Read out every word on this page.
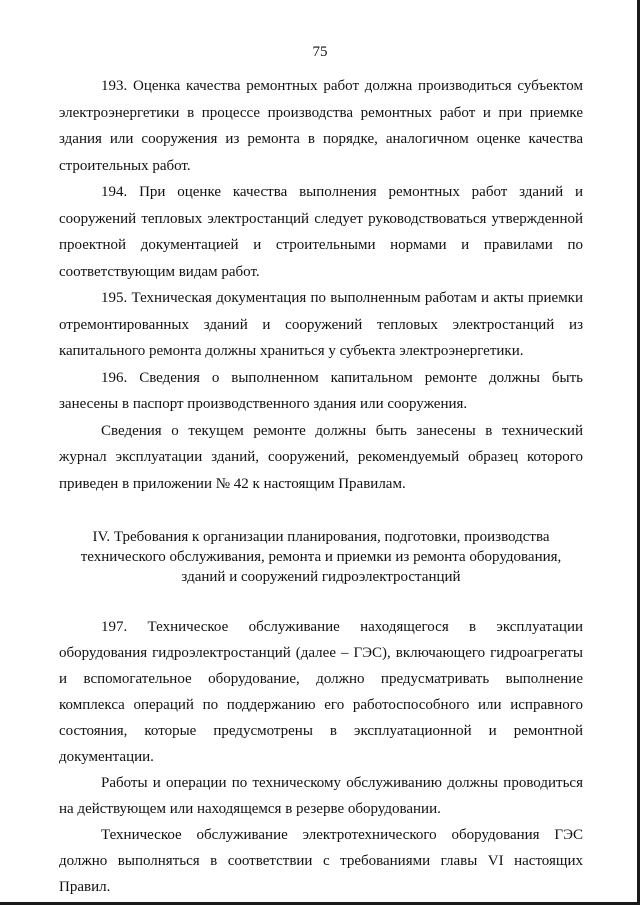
75

193. Оценка качества ремонтных работ должна производиться субъектом электроэнергетики в процессе производства ремонтных работ и при приемке здания или сооружения из ремонта в порядке, аналогичном оценке качества строительных работ.

194. При оценке качества выполнения ремонтных работ зданий и сооружений тепловых электростанций следует руководствоваться утвержденной проектной документацией и строительными нормами и правилами по соответствующим видам работ.

195. Техническая документация по выполненным работам и акты приемки отремонтированных зданий и сооружений тепловых электростанций из капитального ремонта должны храниться у субъекта электроэнергетики.

196. Сведения о выполненном капитальном ремонте должны быть занесены в паспорт производственного здания или сооружения.

Сведения о текущем ремонте должны быть занесены в технический журнал эксплуатации зданий, сооружений, рекомендуемый образец которого приведен в приложении № 42 к настоящим Правилам.

IV. Требования к организации планирования, подготовки, производства технического обслуживания, ремонта и приемки из ремонта оборудования, зданий и сооружений гидроэлектростанций

197. Техническое обслуживание находящегося в эксплуатации оборудования гидроэлектростанций (далее – ГЭС), включающего гидроагрегаты и вспомогательное оборудование, должно предусматривать выполнение комплекса операций по поддержанию его работоспособного или исправного состояния, которые предусмотрены в эксплуатационной и ремонтной документации.

Работы и операции по техническому обслуживанию должны проводиться на действующем или находящемся в резерве оборудовании.

Техническое обслуживание электротехнического оборудования ГЭС должно выполняться в соответствии с требованиями главы VI настоящих Правил.
